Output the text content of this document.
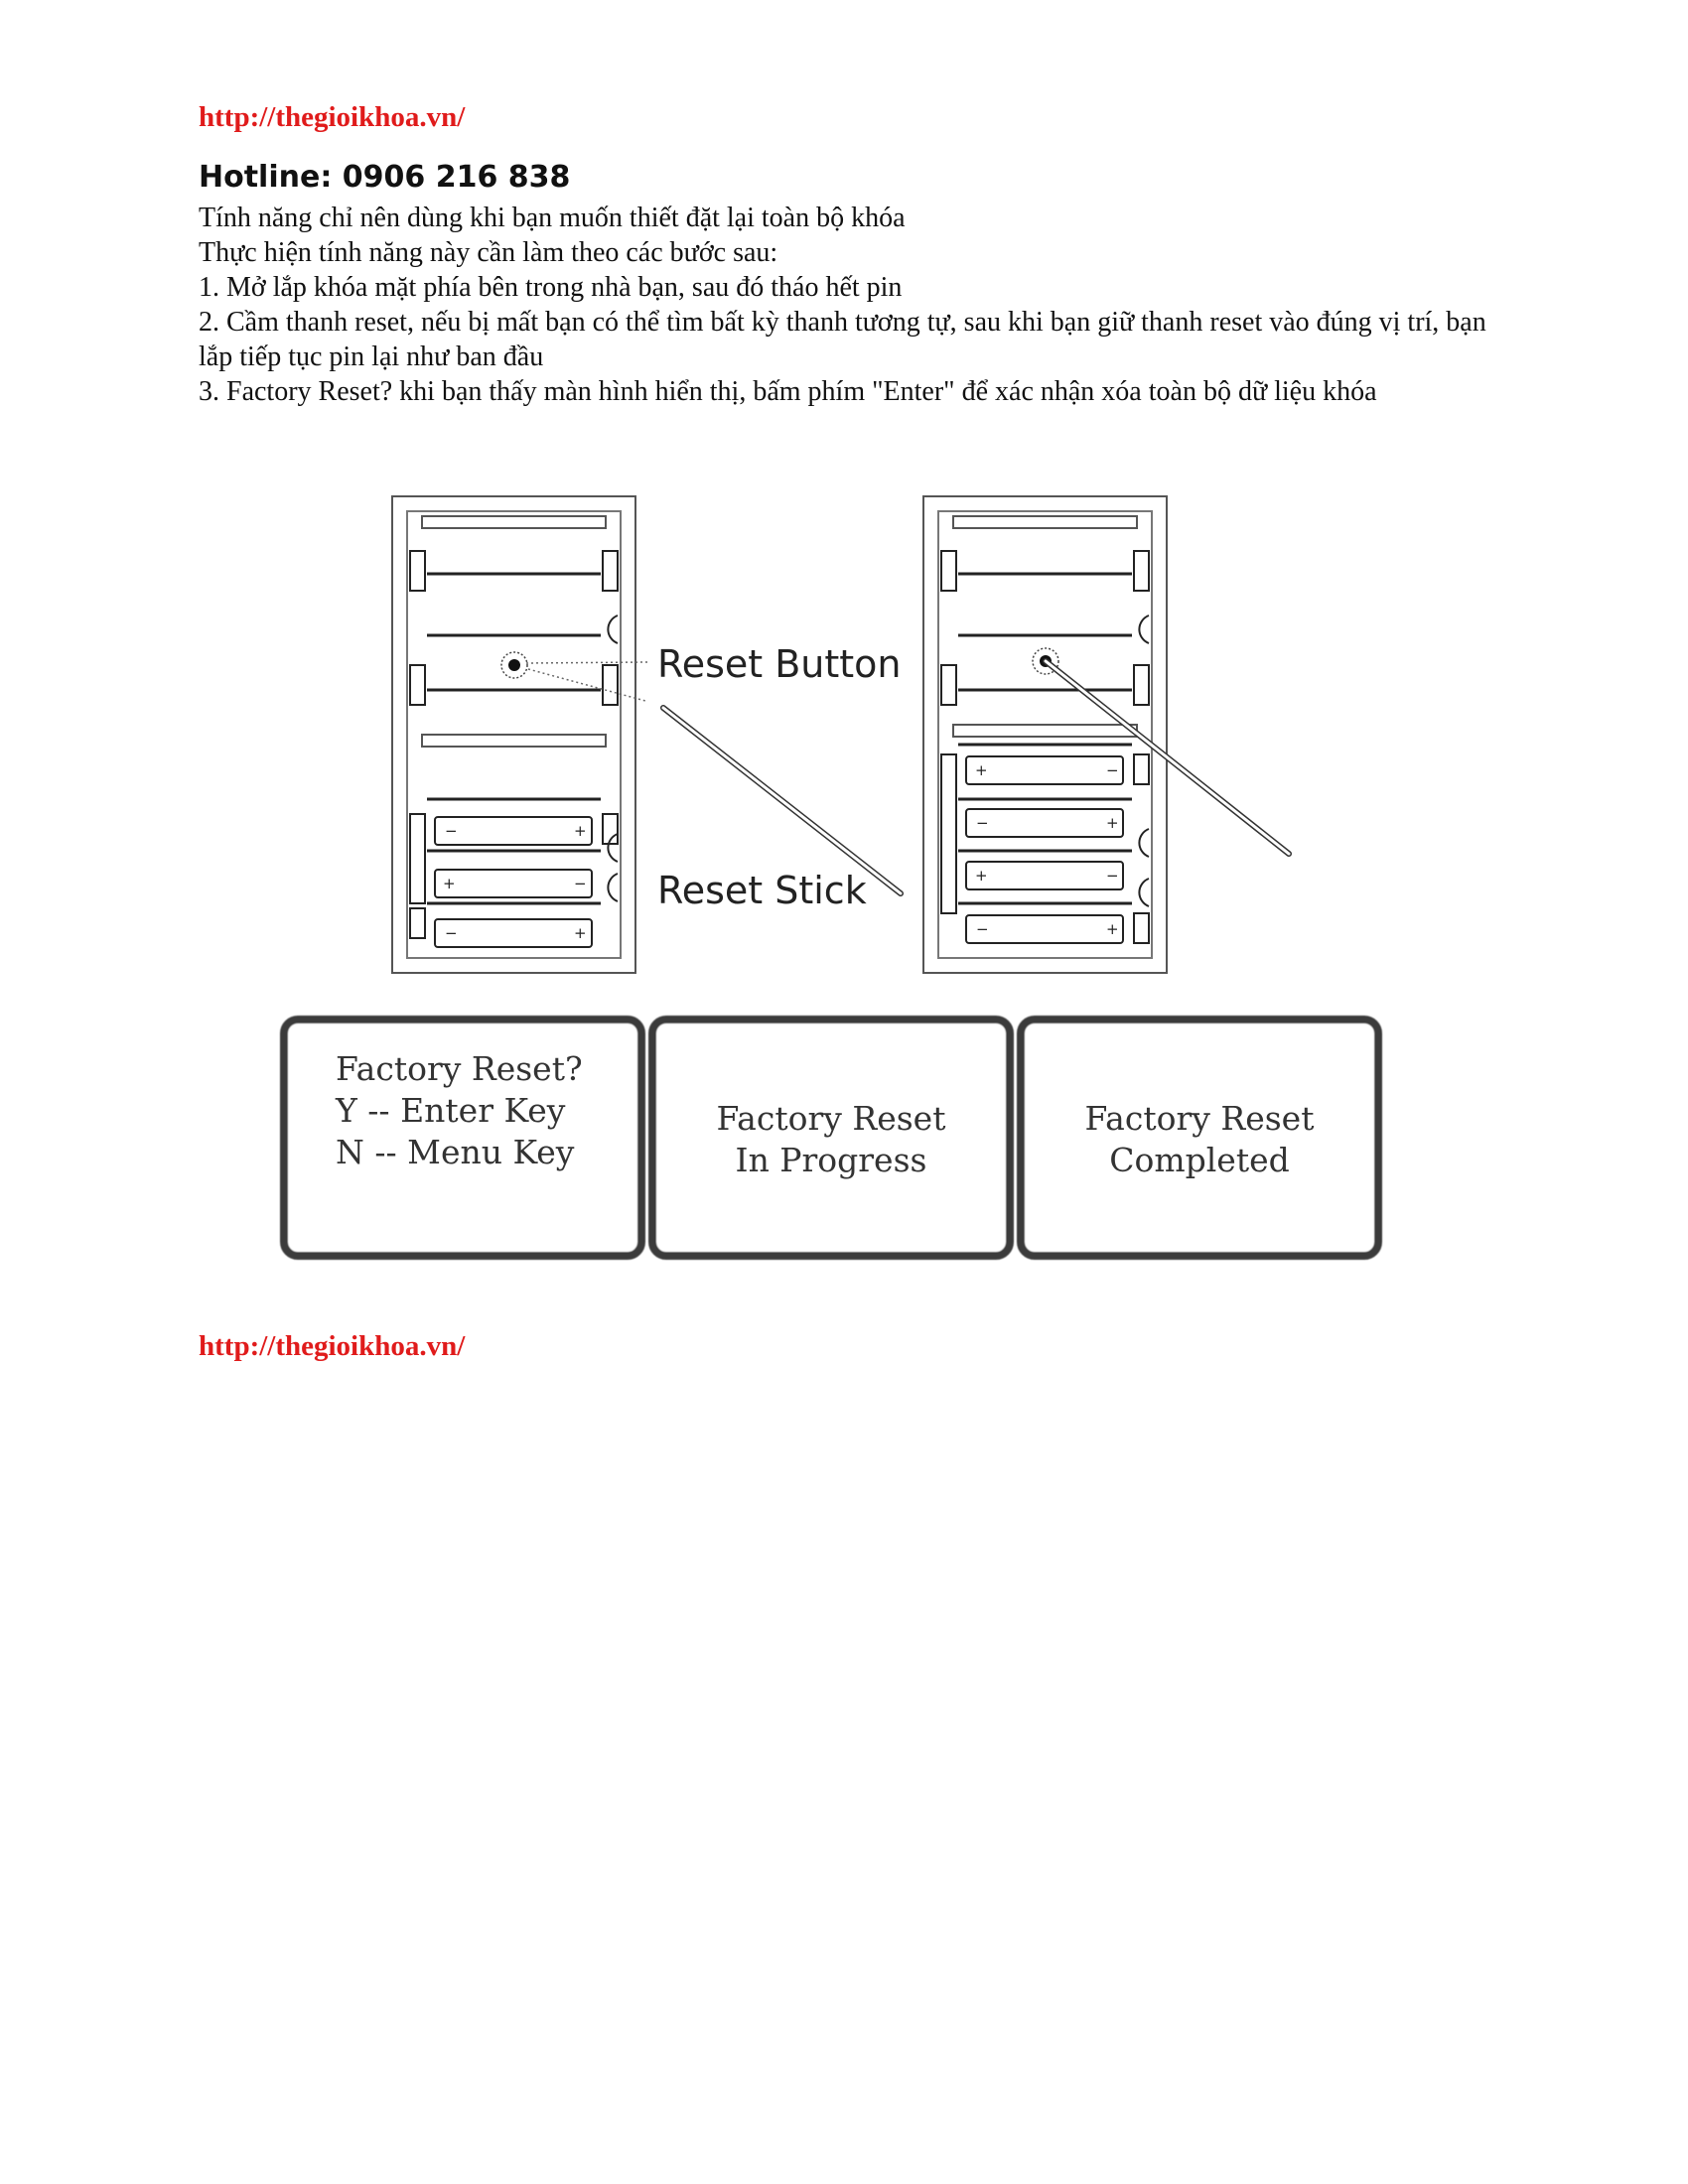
http://thegioikhoa.vn/
Hotline: 0906 216 838

Tính năng chỉ nên dùng khi bạn muốn thiết đặt lại toàn bộ khóa

Thực hiện tính năng này cần làm theo các bước sau:

1. Mở lắp khóa mặt phía bên trong nhà bạn, sau đó tháo hết pin

2. Cầm thanh reset, nếu bị mất bạn có thể tìm bất kỳ thanh tương tự, sau khi bạn giữ thanh reset vào đúng vị trí, bạn lắp tiếp tục pin lại như ban đầu

3. Factory Reset? khi bạn thấy màn hình hiển thị, bấm phím "Enter" để xác nhận xóa toàn bộ dữ liệu khóa

−	+
+	−
−	+
Reset Button
Reset Stick
+	−
−	+
+	−
−	+
Factory Reset?
Y -- Enter Key
N -- Menu Key
Factory Reset
In Progress
Factory Reset
Completed
http://thegioikhoa.vn/
